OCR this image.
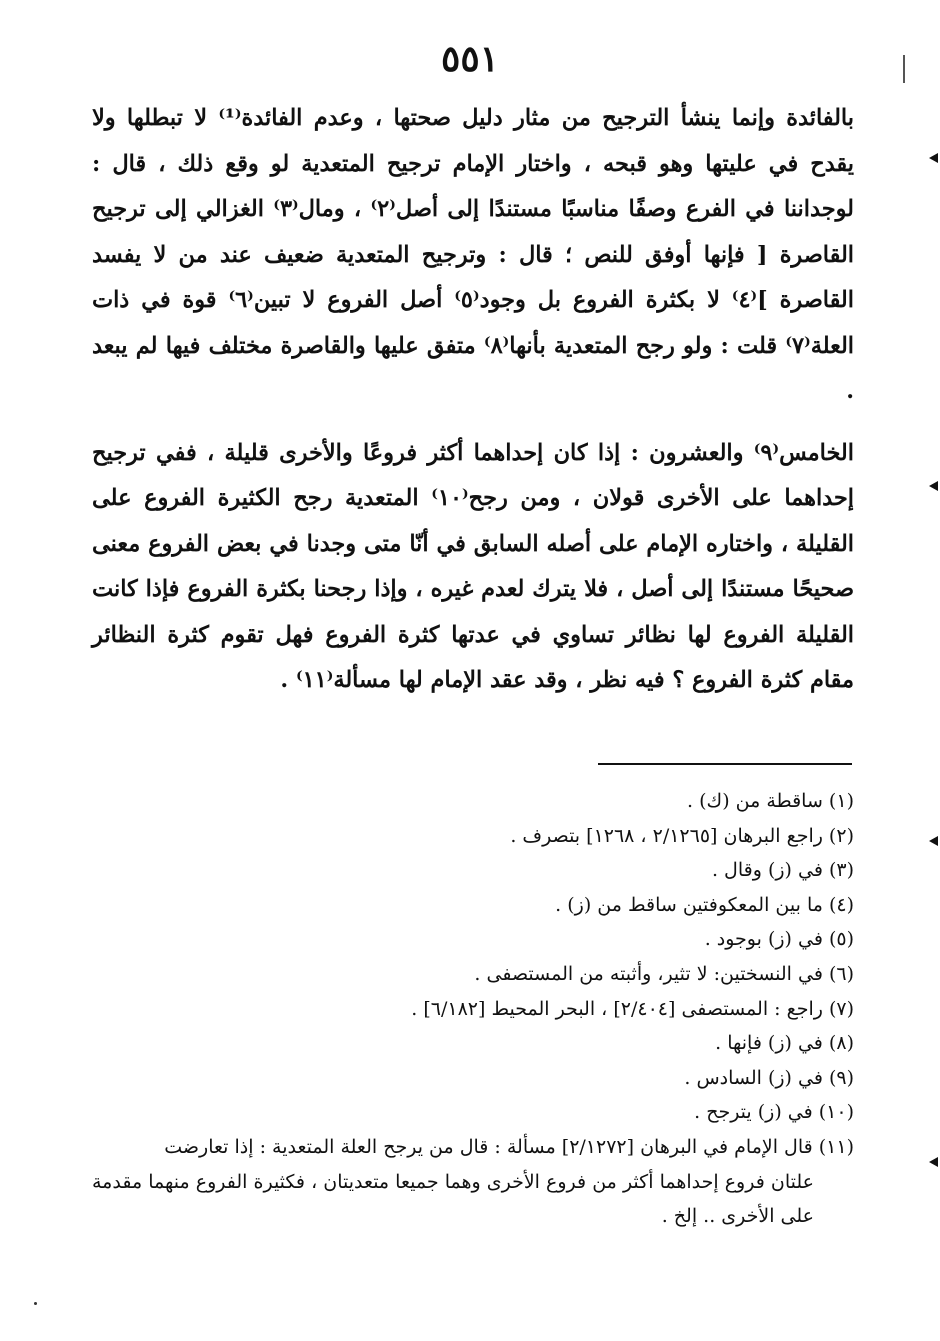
٥٥١

بالفائدة وإنما ينشأ الترجيح من مثار دليل صحتها ، وعدم الفائدة⁽¹⁾ لا تبطلها ولا يقدح في عليتها وهو قبحه ، واختار الإمام ترجيح المتعدية لو وقع ذلك ، قال : لوجداننا في الفرع وصفًا مناسبًا مستندًا إلى أصل⁽٢⁾ ، ومال⁽٣⁾ الغزالي إلى ترجيح القاصرة [ فإنها أوفق للنص ؛ قال : وترجيح المتعدية ضعيف عند من لا يفسد القاصرة ]⁽٤⁾ لا بكثرة الفروع بل وجود⁽٥⁾ أصل الفروع لا تبين⁽٦⁾ قوة في ذات العلة⁽٧⁾ قلت : ولو رجح المتعدية بأنها⁽٨⁾ متفق عليها والقاصرة مختلف فيها لم يبعد .

الخامس⁽٩⁾ والعشرون : إذا كان إحداهما أكثر فروعًا والأخرى قليلة ، ففي ترجيح إحداهما على الأخرى قولان ، ومن رجح⁽١٠⁾ المتعدية رجح الكثيرة الفروع على القليلة ، واختاره الإمام على أصله السابق في أنّا متى وجدنا في بعض الفروع معنى صحيحًا مستندًا إلى أصل ، فلا يترك لعدم غيره ، وإذا رجحنا بكثرة الفروع فإذا كانت القليلة الفروع لها نظائر تساوي في عدتها كثرة الفروع فهل تقوم كثرة النظائر مقام كثرة الفروع ؟ فيه نظر ، وقد عقد الإمام لها مسألة⁽١١⁾ .

(١) ساقطة من (ك) .
(٢) راجع البرهان [٢/١٢٦٥ ، ١٢٦٨] بتصرف .
(٣) في (ز) وقال .
(٤) ما بين المعكوفتين ساقط من (ز) .
(٥) في (ز) بوجود .
(٦) في النسختين: لا تثير، وأثبته من المستصفى .
(٧) راجع : المستصفى [٢/٤٠٤] ، البحر المحيط [٦/١٨٢] .
(٨) في (ز) فإنها .
(٩) في (ز) السادس .
(١٠) في (ز) يترجح .
(١١) قال الإمام في البرهان [٢/١٢٧٢] مسألة : قال من يرجح العلة المتعدية : إذا تعارضت
علتان فروع إحداهما أكثر من فروع الأخرى وهما جميعا متعديتان ، فكثيرة الفروع منهما مقدمة على الأخرى .. إلخ .
